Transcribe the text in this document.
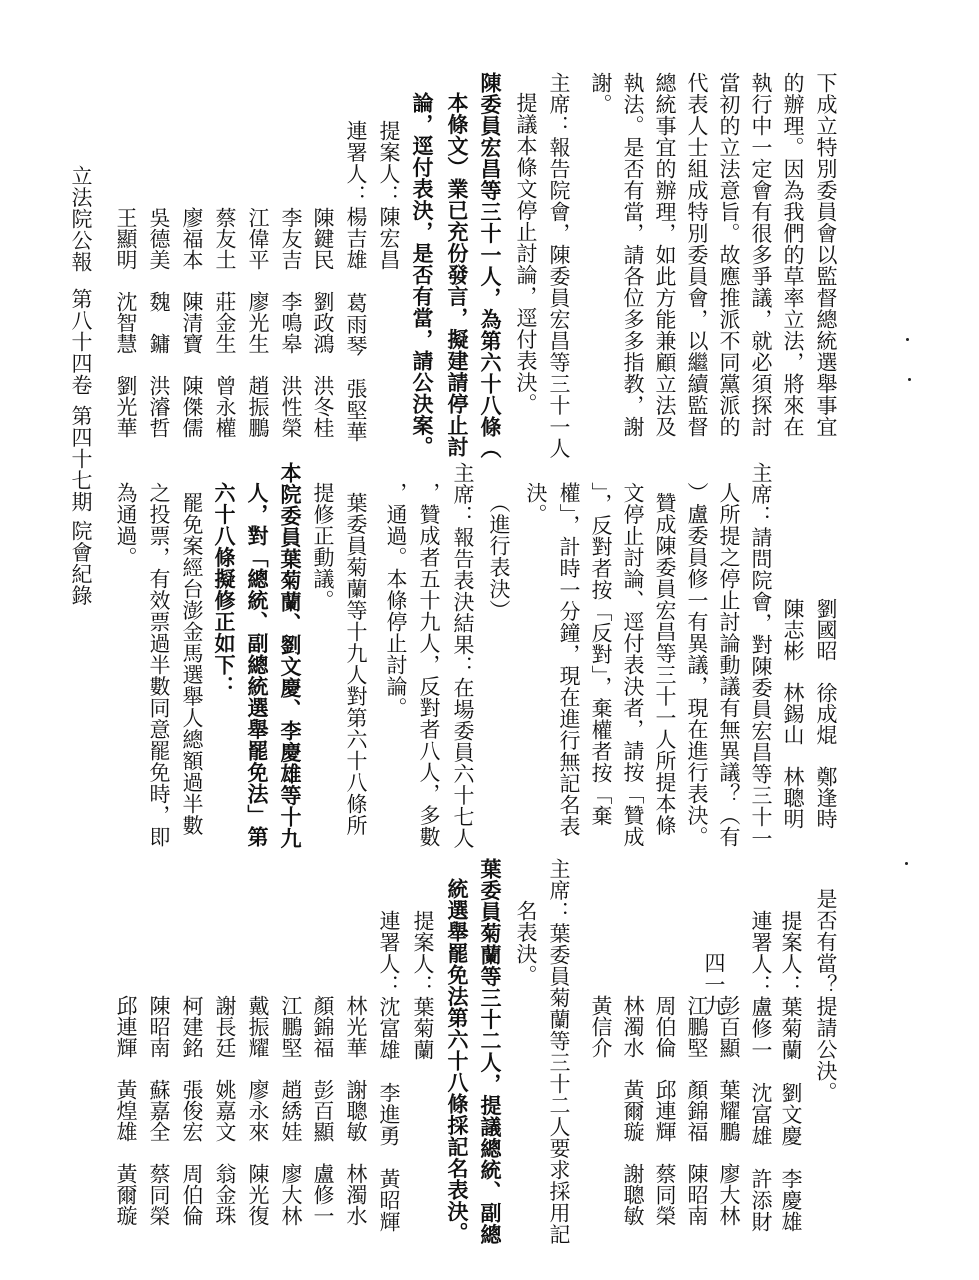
四一九	是否有當？提請公決。
提案人：葉菊蘭　劉文慶　李慶雄
連署人：盧修一　沈富雄　許添財
彭百顯　葉耀鵬　廖大林
江鵬堅　顏錦福　陳昭南
周伯倫　邱連輝　蔡同榮
林濁水　黃爾璇　謝聰敏
黃信介
主席：葉委員菊蘭等三十二人要求採用記
名表決。
葉委員菊蘭等三十二人，提議總統、副總
統選舉罷免法第六十八條採記名表決。
提案人：葉菊蘭
連署人：沈富雄　李進勇　黃昭輝
林光華　謝聰敏　林濁水
顏錦福　彭百顯　盧修一
江鵬堅　趙綉娃　廖大林
戴振耀　廖永來　陳光復
謝長廷　姚嘉文　翁金珠
柯建銘　張俊宏　周伯倫
陳昭南　蘇嘉全　蔡同榮
邱連輝　黃煌雄　黃爾璇
下成立特別委員會以監督總統選舉事宜
的辦理。因為我們的草率立法，將來在
執行中一定會有很多爭議，就必須探討
當初的立法意旨。故應推派不同黨派的
代表人士組成特別委員會，以繼續監督
總統事宜的辦理，如此方能兼顧立法及
執法。是否有當，請各位多多指教，謝
謝。
主席：報告院會，陳委員宏昌等三十一人
提議本條文停止討論，逕付表決。
陳委員宏昌等三十一人，為第六十八條（
本條文）業已充份發言，擬建請停止討
論，逕付表決，是否有當，請公決案。
提案人：陳宏昌
連署人：楊吉雄　葛雨琴　張堅華
陳鍵民　劉政鴻　洪冬桂
李友吉　李鳴皋　洪性榮
江偉平　廖光生　趙振鵬
蔡友土　莊金生　曾永權
廖福本　陳清寶　陳傑儒
吳德美　魏　鏞　洪濬哲
王顯明　沈智慧　劉光華
劉國昭　徐成焜　鄭逢時
陳志彬　林錫山　林聰明
主席：請問院會，對陳委員宏昌等三十一
人所提之停止討論動議有無異議？（有
）盧委員修一有異議，現在進行表決。
贊成陳委員宏昌等三十一人所提本條
文停止討論、逕付表決者，請按「贊成
」，反對者按「反對」，棄權者按「棄
權」，計時一分鐘，現在進行無記名表
決。
（進行表決）
主席：報告表決結果：在場委員六十七人
，贊成者五十九人，反對者八人，多數
，通過。本條停止討論。
葉委員菊蘭等十九人對第六十八條所
提修正動議。
本院委員葉菊蘭、劉文慶、李慶雄等十九
人，對「總統、副總統選舉罷免法」第
六十八條擬修正如下：
罷免案經台澎金馬選舉人總額過半數
之投票，有效票過半數同意罷免時，即
為通過。
立法院公報
第八十四卷
第四十七期
院會紀錄
